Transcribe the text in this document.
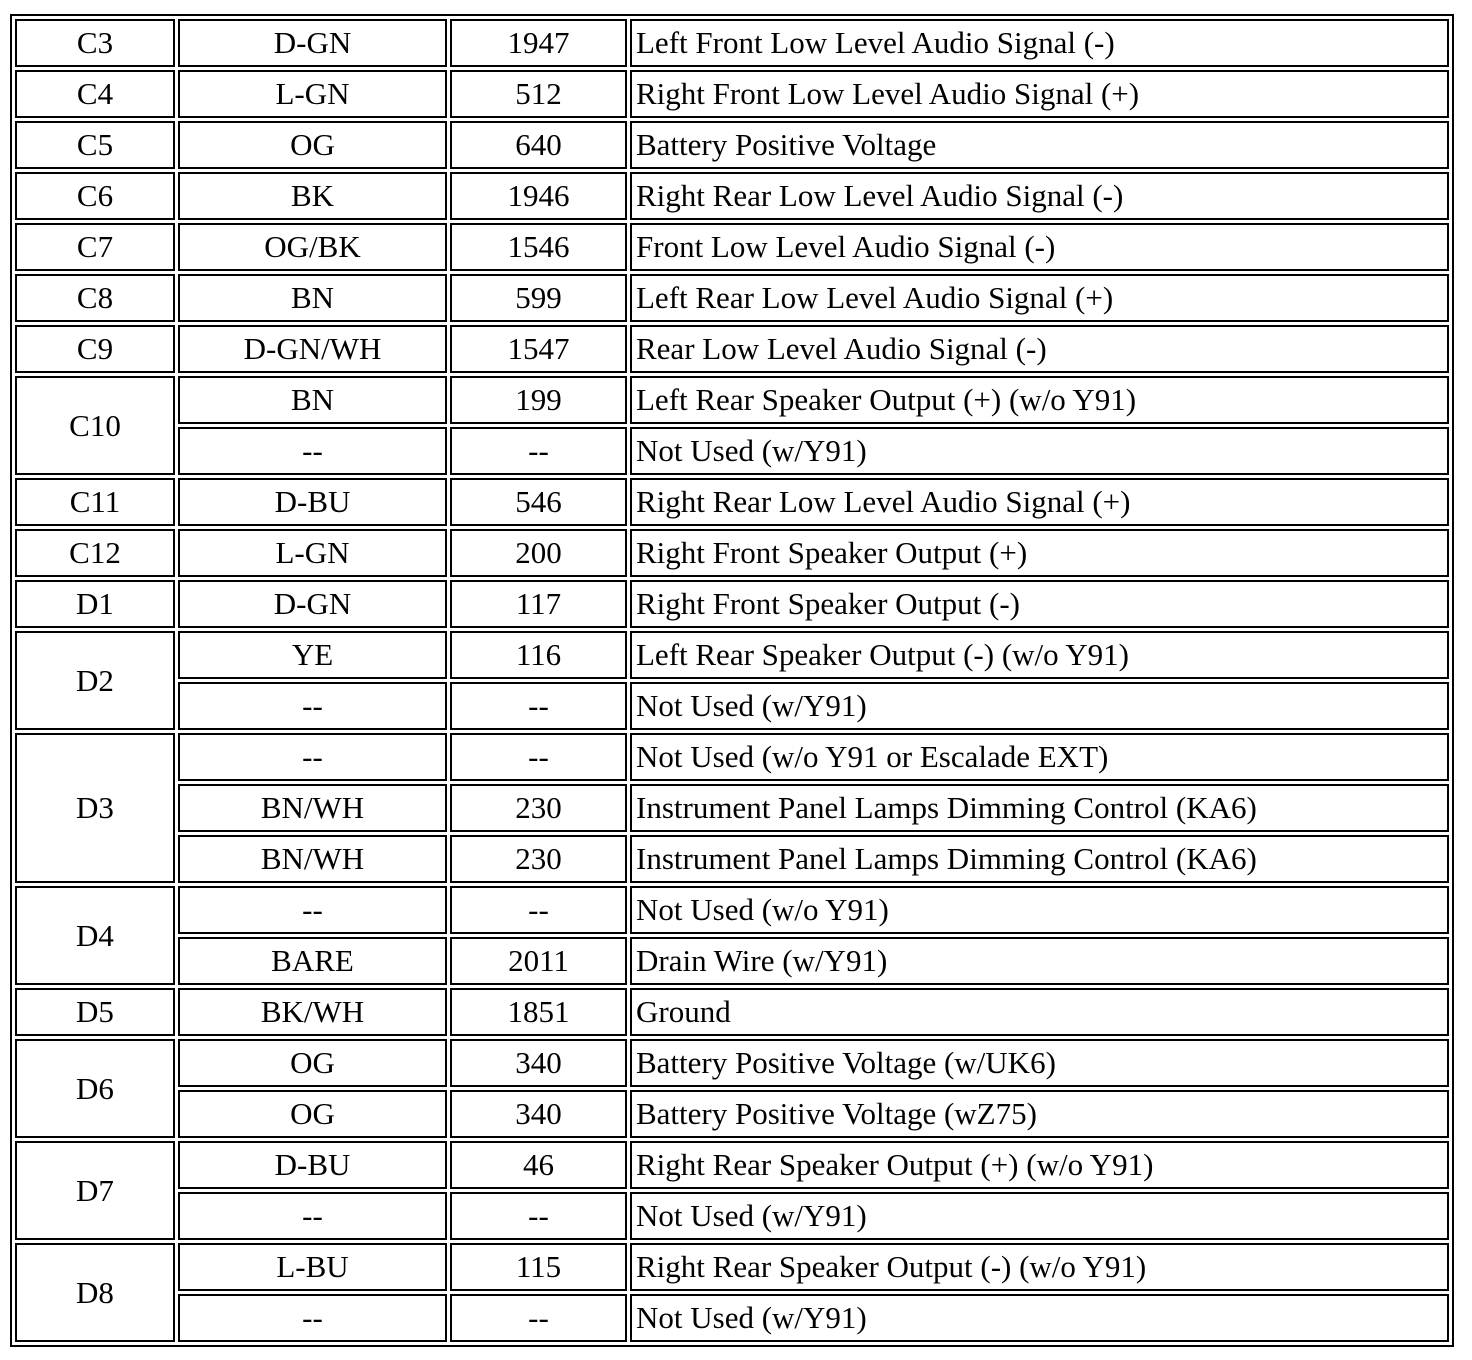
C3	D-GN	1947	Left Front Low Level Audio Signal (-)
C4	L-GN	512	Right Front Low Level Audio Signal (+)
C5	OG	640	Battery Positive Voltage
C6	BK	1946	Right Rear Low Level Audio Signal (-)
C7	OG/BK	1546	Front Low Level Audio Signal (-)
C8	BN	599	Left Rear Low Level Audio Signal (+)
C9	D-GN/WH	1547	Rear Low Level Audio Signal (-)
C10	BN	199	Left Rear Speaker Output (+) (w/o Y91)
	--	--	Not Used (w/Y91)
C11	D-BU	546	Right Rear Low Level Audio Signal (+)
C12	L-GN	200	Right Front Speaker Output (+)
D1	D-GN	117	Right Front Speaker Output (-)
D2	YE	116	Left Rear Speaker Output (-) (w/o Y91)
	--	--	Not Used (w/Y91)
D3	--	--	Not Used (w/o Y91 or Escalade EXT)
	BN/WH	230	Instrument Panel Lamps Dimming Control (KA6)
	BN/WH	230	Instrument Panel Lamps Dimming Control (KA6)
D4	--	--	Not Used (w/o Y91)
	BARE	2011	Drain Wire (w/Y91)
D5	BK/WH	1851	Ground
D6	OG	340	Battery Positive Voltage (w/UK6)
	OG	340	Battery Positive Voltage (wZ75)
D7	D-BU	46	Right Rear Speaker Output (+) (w/o Y91)
	--	--	Not Used (w/Y91)
D8	L-BU	115	Right Rear Speaker Output (-) (w/o Y91)
	--	--	Not Used (w/Y91)
